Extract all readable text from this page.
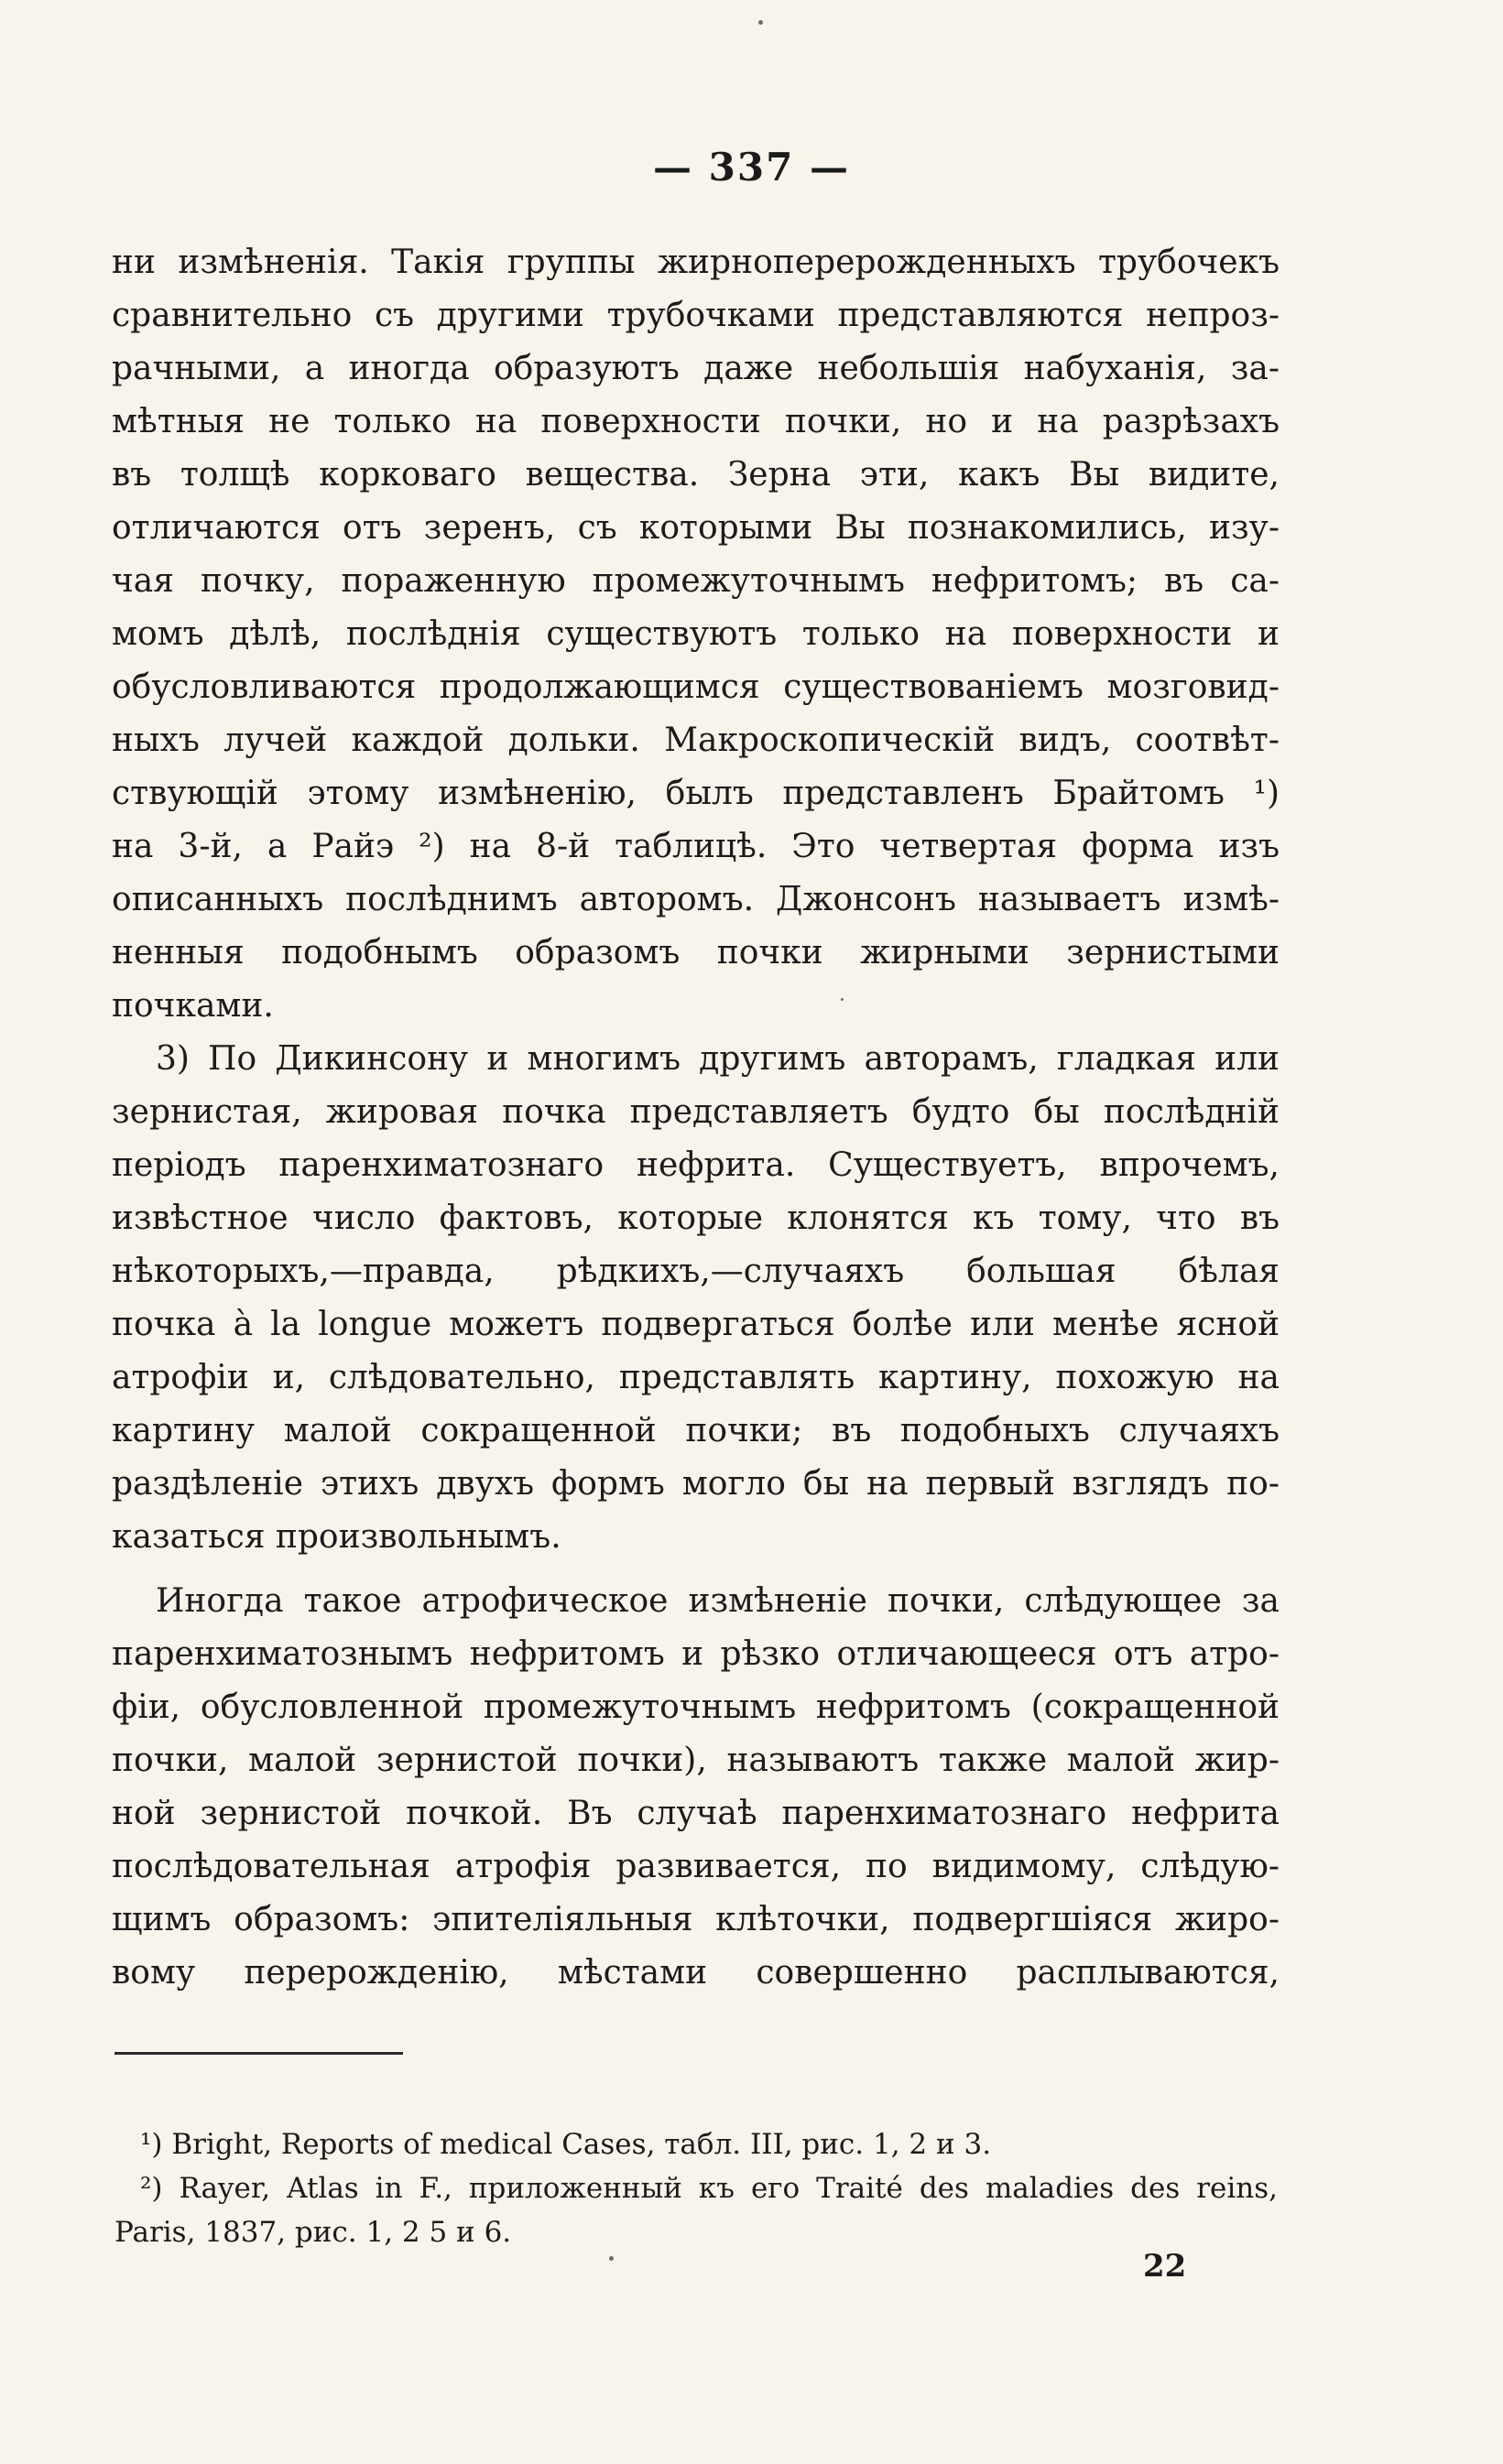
— 337 —
ни измѣненія. Такія группы жирноперерожденныхъ трубочекъ
сравнительно съ другими трубочками представляются непроз-
рачными, а иногда образуютъ даже небольшія набуханія, за-
мѣтныя не только на поверхности почки, но и на разрѣзахъ
въ толщѣ корковаго вещества. Зерна эти, какъ Вы видите,
отличаются отъ зеренъ, съ которыми Вы познакомились, изу-
чая почку, пораженную промежуточнымъ нефритомъ; въ са-
момъ дѣлѣ, послѣднія существуютъ только на поверхности и
обусловливаются продолжающимся существованіемъ мозговид-
ныхъ лучей каждой дольки. Макроскопическій видъ, соотвѣт-
ствующій этому измѣненію, былъ представленъ Брайтомъ ¹)
на 3-й, а Райэ ²) на 8-й таблицѣ. Это четвертая форма изъ
описанныхъ послѣднимъ авторомъ. Джонсонъ называетъ измѣ-
ненныя подобнымъ образомъ почки жирными зернистыми
почками.
3) По Дикинсону и многимъ другимъ авторамъ, гладкая или
зернистая, жировая почка представляетъ будто бы послѣдній
періодъ паренхиматознаго нефрита. Существуетъ, впрочемъ,
извѣстное число фактовъ, которые клонятся къ тому, что въ
нѣкоторыхъ,—правда, рѣдкихъ,—случаяхъ большая бѣлая
почка à la longue можетъ подвергаться болѣе или менѣе ясной
атрофіи и, слѣдовательно, представлять картину, похожую на
картину малой сокращенной почки; въ подобныхъ случаяхъ
раздѣленіе этихъ двухъ формъ могло бы на первый взглядъ по-
казаться произвольнымъ.
Иногда такое атрофическое измѣненіе почки, слѣдующее за
паренхиматознымъ нефритомъ и рѣзко отличающееся отъ атро-
фіи, обусловленной промежуточнымъ нефритомъ (сокращенной
почки, малой зернистой почки), называютъ также малой жир-
ной зернистой почкой. Въ случаѣ паренхиматознаго нефрита
послѣдовательная атрофія развивается, по видимому, слѣдую-
щимъ образомъ: эпителіяльныя клѣточки, подвергшіяся жиро-
вому перерожденію, мѣстами совершенно расплываются,
¹) Bright, Reports of medical Cases, табл. III, рис. 1, 2 и 3.
²) Rayer, Atlas in F., приложенный къ его Traité des maladies des reins,
Paris, 1837, рис. 1, 2 5 и 6.
22
